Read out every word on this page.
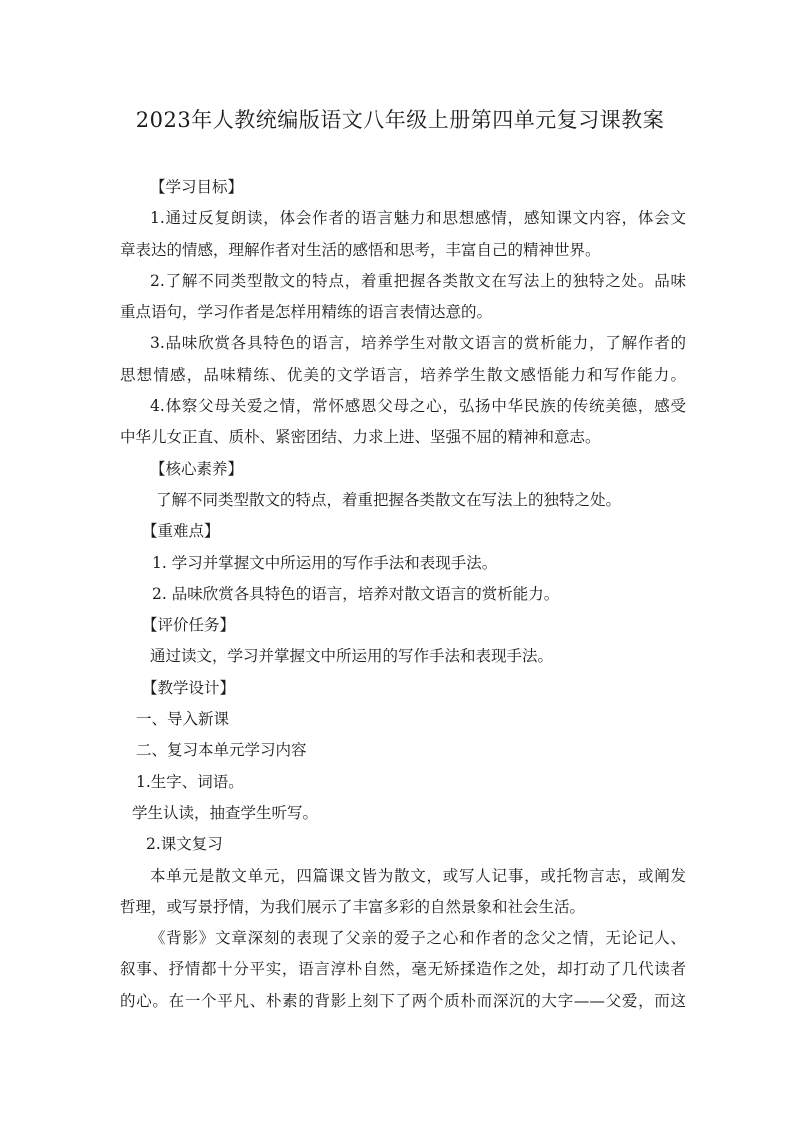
2023年人教统编版语文八年级上册第四单元复习课教案
【学习目标】
1.通过反复朗读，体会作者的语言魅力和思想感情，感知课文内容，体会文
章表达的情感，理解作者对生活的感悟和思考，丰富自己的精神世界。
2.了解不同类型散文的特点，着重把握各类散文在写法上的独特之处。品味
重点语句，学习作者是怎样用精练的语言表情达意的。
3.品味欣赏各具特色的语言，培养学生对散文语言的赏析能力，了解作者的
思想情感，品味精练、优美的文学语言，培养学生散文感悟能力和写作能力。
4.体察父母关爱之情，常怀感恩父母之心，弘扬中华民族的传统美德，感受
中华儿女正直、质朴、紧密团结、力求上进、坚强不屈的精神和意志。
【核心素养】
了解不同类型散文的特点，着重把握各类散文在写法上的独特之处。
【重难点】
1. 学习并掌握文中所运用的写作手法和表现手法。
2. 品味欣赏各具特色的语言，培养对散文语言的赏析能力。
【评价任务】
通过读文，学习并掌握文中所运用的写作手法和表现手法。
【教学设计】
一、导入新课
二、复习本单元学习内容
1.生字、词语。
学生认读，抽查学生听写。
2.课文复习
本单元是散文单元，四篇课文皆为散文，或写人记事，或托物言志，或阐发
哲理，或写景抒情，为我们展示了丰富多彩的自然景象和社会生活。
《背影》文章深刻的表现了父亲的爱子之心和作者的念父之情，无论记人、
叙事、抒情都十分平实，语言淳朴自然，毫无矫揉造作之处，却打动了几代读者
的心。在一个平凡、朴素的背影上刻下了两个质朴而深沉的大字——父爱，而这
